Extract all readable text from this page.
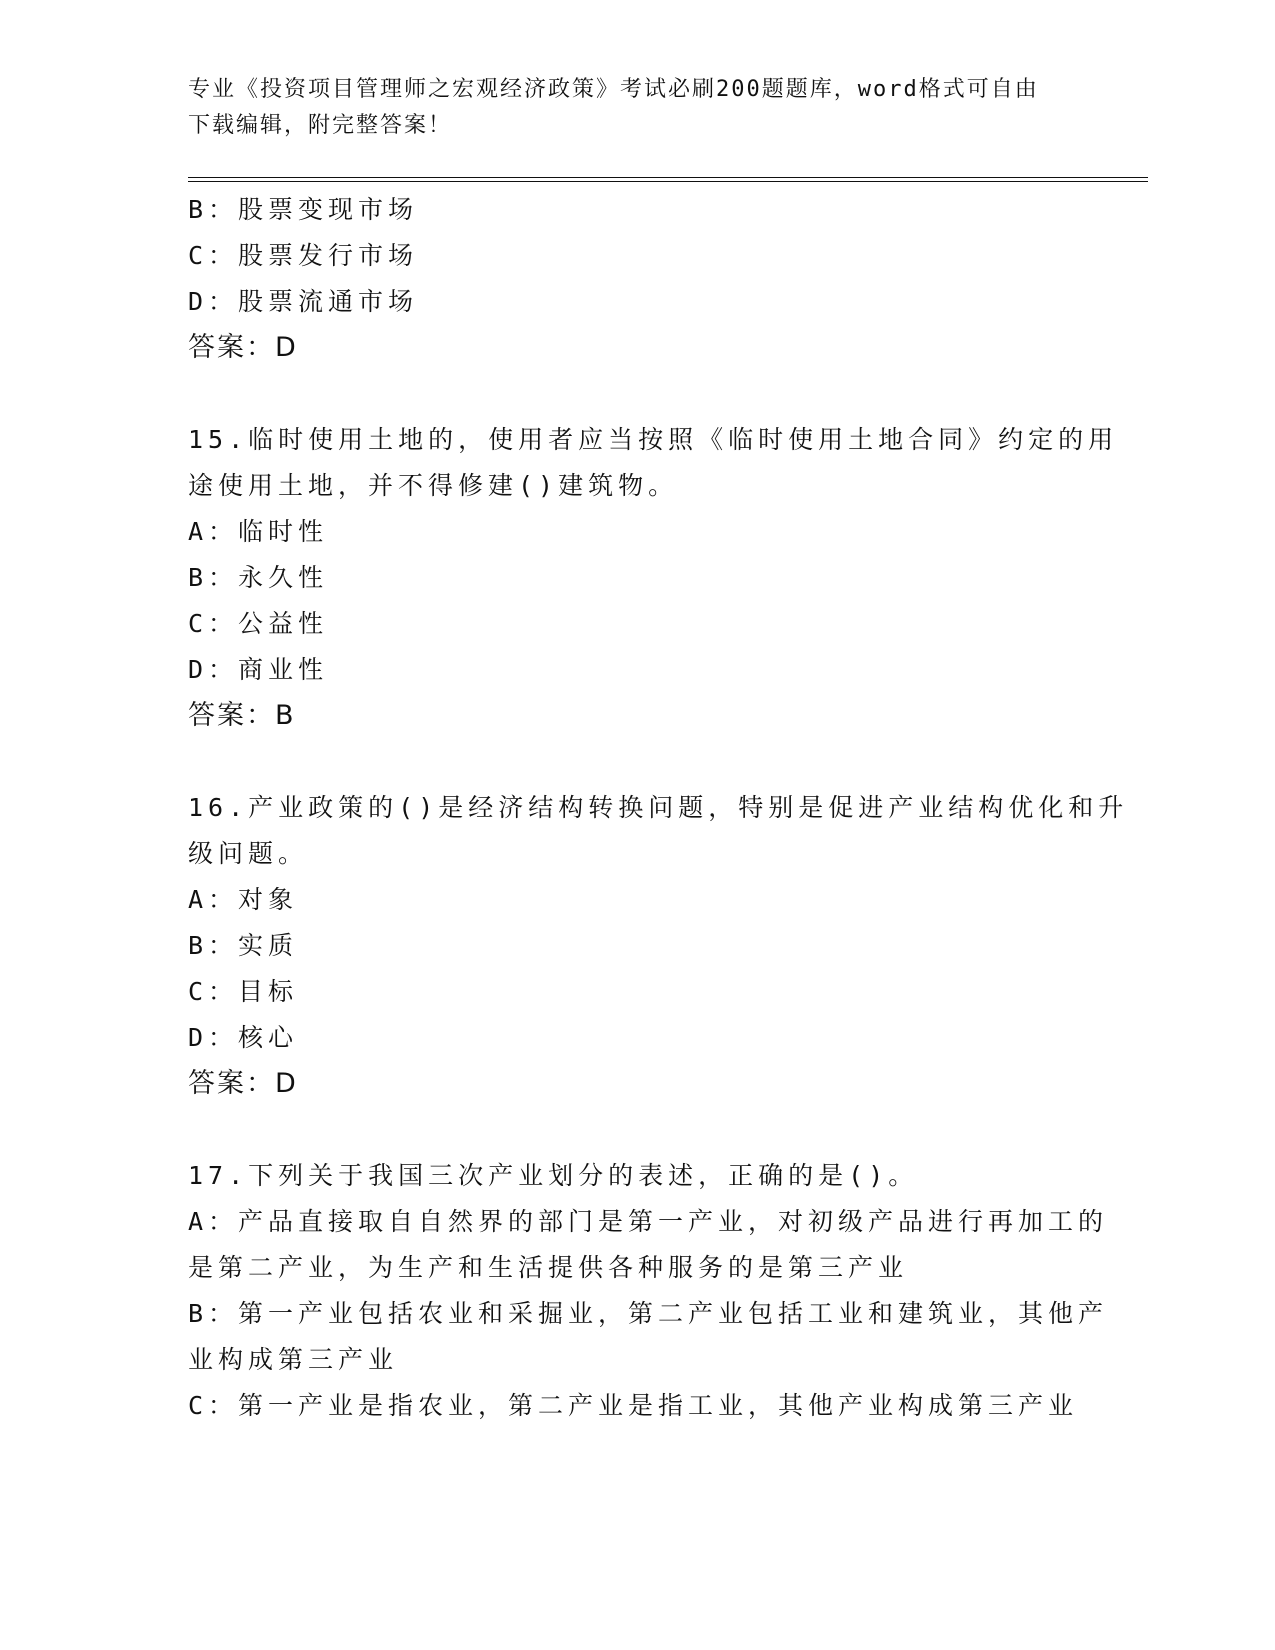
专业《投资项目管理师之宏观经济政策》考试必刷200题题库，word格式可自由
下载编辑，附完整答案！
B：股票变现市场
C：股票发行市场
D：股票流通市场
答案：D
15.临时使用土地的，使用者应当按照《临时使用土地合同》约定的用
途使用土地，并不得修建()建筑物。
A：临时性
B：永久性
C：公益性
D：商业性
答案：B
16.产业政策的()是经济结构转换问题，特别是促进产业结构优化和升
级问题。
A：对象
B：实质
C：目标
D：核心
答案：D
17.下列关于我国三次产业划分的表述，正确的是()。
A：产品直接取自自然界的部门是第一产业，对初级产品进行再加工的
是第二产业，为生产和生活提供各种服务的是第三产业
B：第一产业包括农业和采掘业，第二产业包括工业和建筑业，其他产
业构成第三产业
C：第一产业是指农业，第二产业是指工业，其他产业构成第三产业
